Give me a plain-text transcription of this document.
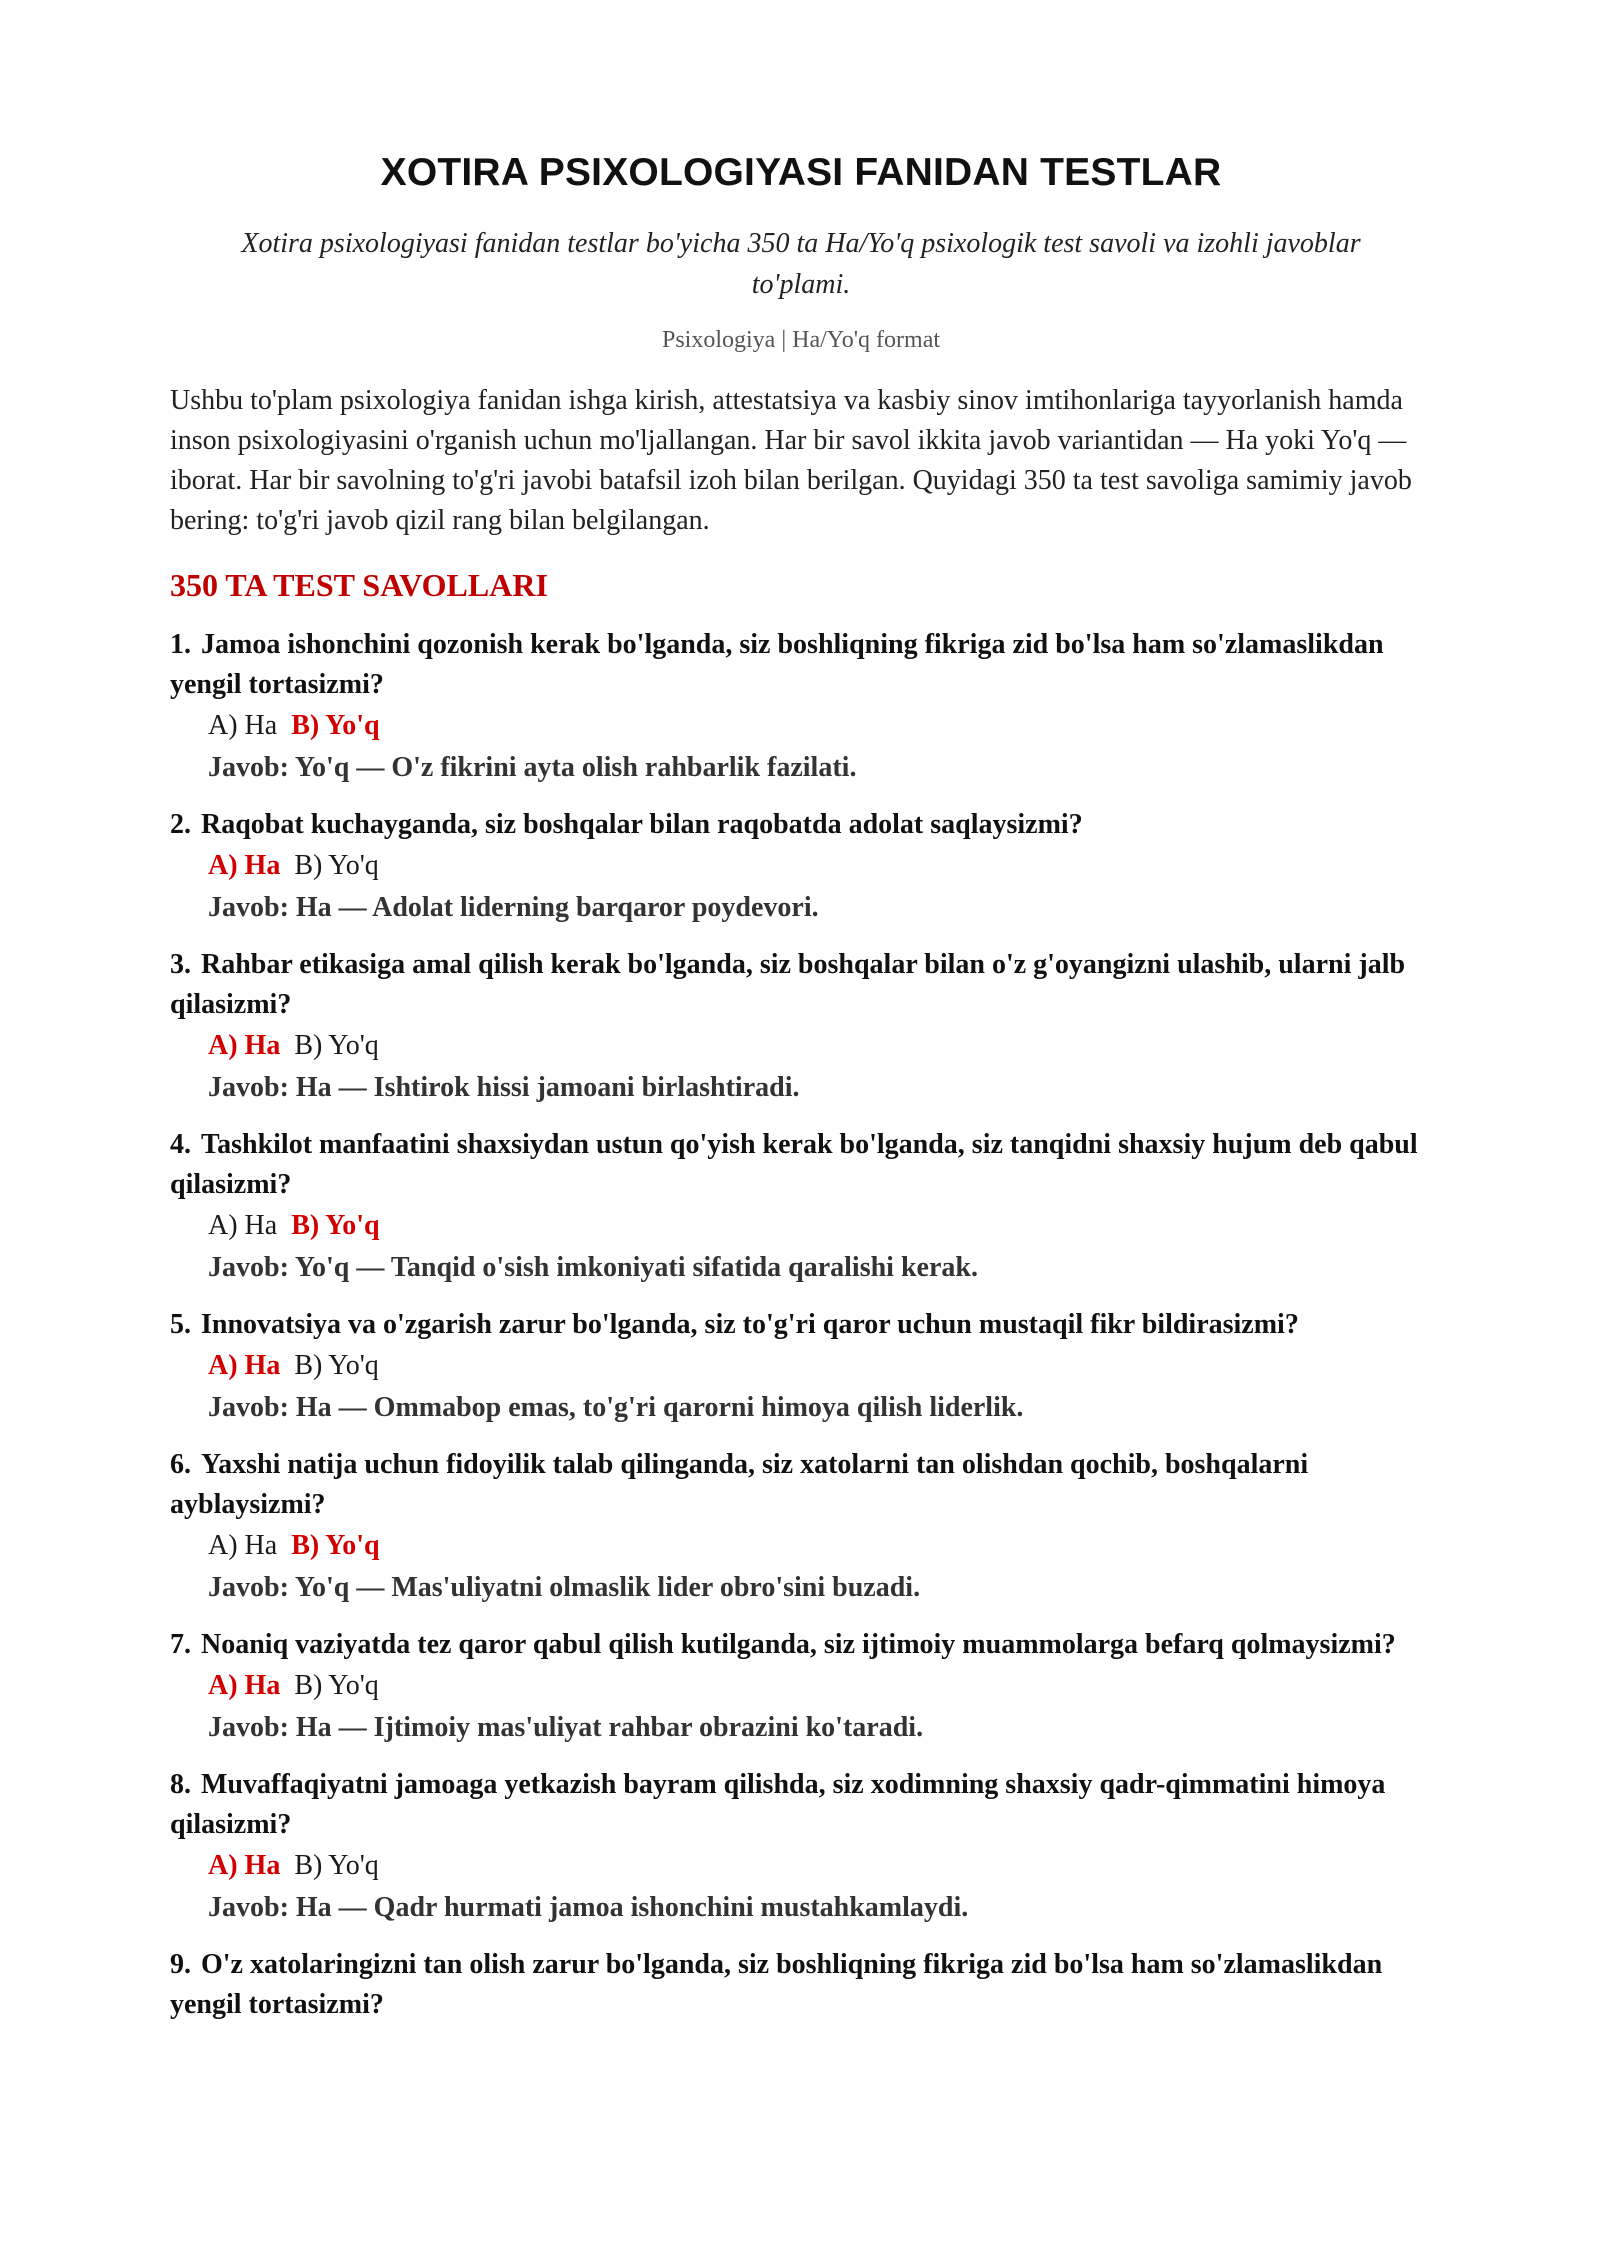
XOTIRA PSIXOLOGIYASI FANIDAN TESTLAR
Xotira psixologiyasi fanidan testlar bo'yicha 350 ta Ha/Yo'q psixologik test savoli va izohli javoblar to'plami.
Psixologiya | Ha/Yo'q format
Ushbu to'plam psixologiya fanidan ishga kirish, attestatsiya va kasbiy sinov imtihonlariga tayyorlanish hamda inson psixologiyasini o'rganish uchun mo'ljallangan. Har bir savol ikkita javob variantidan — Ha yoki Yo'q — iborat. Har bir savolning to'g'ri javobi batafsil izoh bilan berilgan. Quyidagi 350 ta test savoliga samimiy javob bering: to'g'ri javob qizil rang bilan belgilangan.
350 TA TEST SAVOLLARI
1. Jamoa ishonchini qozonish kerak bo'lganda, siz boshliqning fikriga zid bo'lsa ham so'zlamaslikdan yengil tortasizmi?
A) Ha B) Yo'q
Javob: Yo'q — O'z fikrini ayta olish rahbarlik fazilati.
2. Raqobat kuchayganda, siz boshqalar bilan raqobatda adolat saqlaysizmi?
A) Ha B) Yo'q
Javob: Ha — Adolat liderning barqaror poydevori.
3. Rahbar etikasiga amal qilish kerak bo'lganda, siz boshqalar bilan o'z g'oyangizni ulashib, ularni jalb qilasizmi?
A) Ha B) Yo'q
Javob: Ha — Ishtirok hissi jamoani birlashtiradi.
4. Tashkilot manfaatini shaxsiydan ustun qo'yish kerak bo'lganda, siz tanqidni shaxsiy hujum deb qabul qilasizmi?
A) Ha B) Yo'q
Javob: Yo'q — Tanqid o'sish imkoniyati sifatida qaralishi kerak.
5. Innovatsiya va o'zgarish zarur bo'lganda, siz to'g'ri qaror uchun mustaqil fikr bildirasizmi?
A) Ha B) Yo'q
Javob: Ha — Ommabop emas, to'g'ri qarorni himoya qilish liderlik.
6. Yaxshi natija uchun fidoyilik talab qilinganda, siz xatolarni tan olishdan qochib, boshqalarni ayblaysizmi?
A) Ha B) Yo'q
Javob: Yo'q — Mas'uliyatni olmaslik lider obro'sini buzadi.
7. Noaniq vaziyatda tez qaror qabul qilish kutilganda, siz ijtimoiy muammolarga befarq qolmaysizmi?
A) Ha B) Yo'q
Javob: Ha — Ijtimoiy mas'uliyat rahbar obrazini ko'taradi.
8. Muvaffaqiyatni jamoaga yetkazish bayram qilishda, siz xodimning shaxsiy qadr-qimmatini himoya qilasizmi?
A) Ha B) Yo'q
Javob: Ha — Qadr hurmati jamoa ishonchini mustahkamlaydi.
9. O'z xatolaringizni tan olish zarur bo'lganda, siz boshliqning fikriga zid bo'lsa ham so'zlamaslikdan yengil tortasizmi?
